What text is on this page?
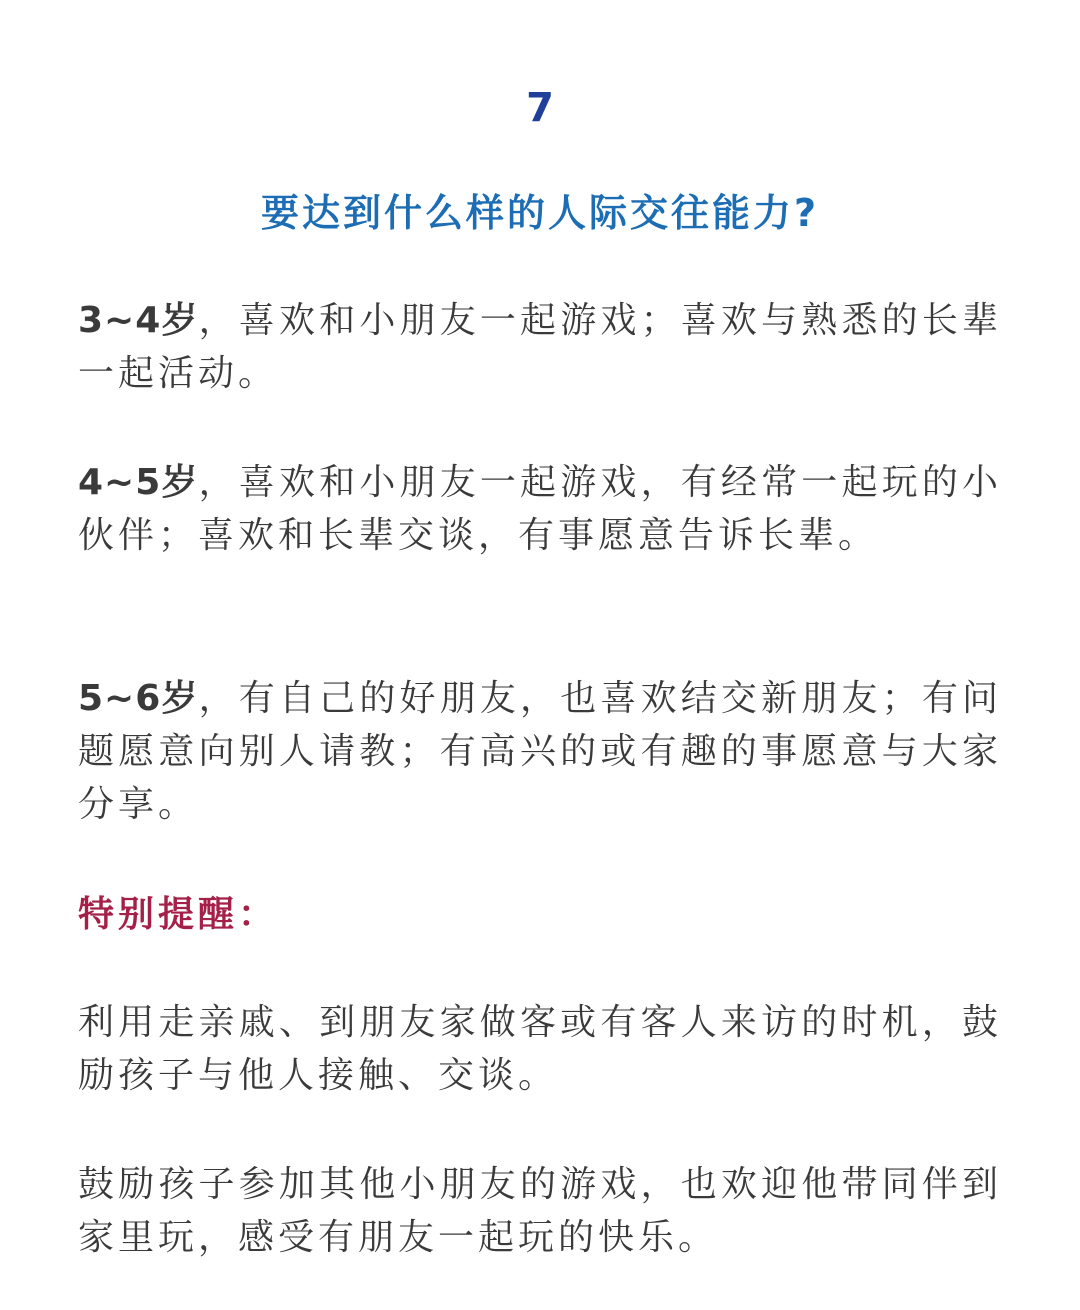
7
要达到什么样的人际交往能力?
3~4岁，喜欢和小朋友一起游戏；喜欢与熟悉的长辈一起活动。
4~5岁，喜欢和小朋友一起游戏，有经常一起玩的小伙伴；喜欢和长辈交谈，有事愿意告诉长辈。
5~6岁，有自己的好朋友，也喜欢结交新朋友；有问题愿意向别人请教；有高兴的或有趣的事愿意与大家分享。
特别提醒：
利用走亲戚、到朋友家做客或有客人来访的时机，鼓励孩子与他人接触、交谈。
鼓励孩子参加其他小朋友的游戏，也欢迎他带同伴到家里玩，感受有朋友一起玩的快乐。
